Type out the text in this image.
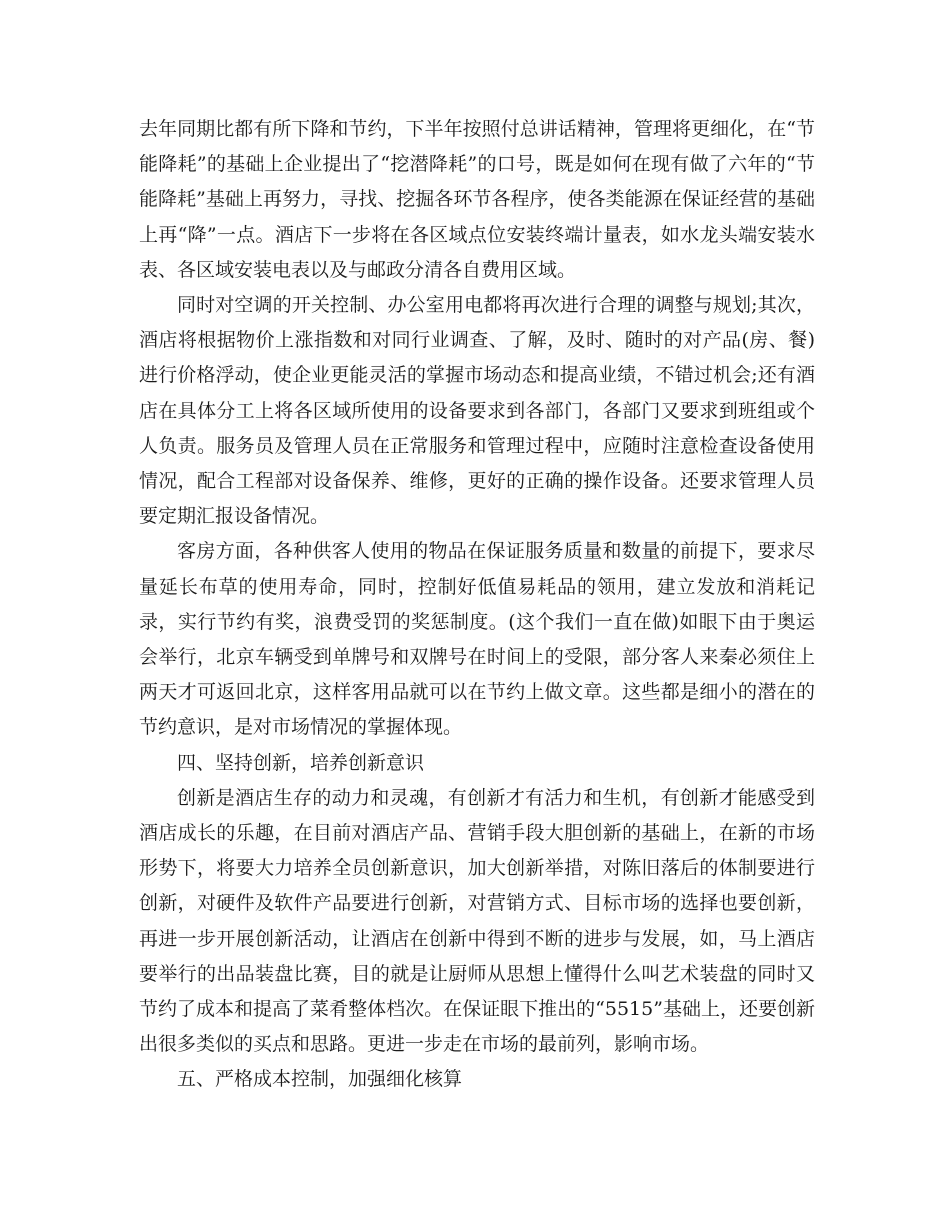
去年同期比都有所下降和节约，下半年按照付总讲话精神，管理将更细化，在“节能降耗”的基础上企业提出了“挖潜降耗”的口号，既是如何在现有做了六年的“节能降耗”基础上再努力，寻找、挖掘各环节各程序，使各类能源在保证经营的基础上再“降”一点。酒店下一步将在各区域点位安装终端计量表，如水龙头端安装水表、各区域安装电表以及与邮政分清各自费用区域。

同时对空调的开关控制、办公室用电都将再次进行合理的调整与规划;其次，酒店将根据物价上涨指数和对同行业调查、了解，及时、随时的对产品(房、餐)进行价格浮动，使企业更能灵活的掌握市场动态和提高业绩，不错过机会;还有酒店在具体分工上将各区域所使用的设备要求到各部门，各部门又要求到班组或个人负责。服务员及管理人员在正常服务和管理过程中，应随时注意检查设备使用情况，配合工程部对设备保养、维修，更好的正确的操作设备。还要求管理人员要定期汇报设备情况。

客房方面，各种供客人使用的物品在保证服务质量和数量的前提下，要求尽量延长布草的使用寿命，同时，控制好低值易耗品的领用，建立发放和消耗记录，实行节约有奖，浪费受罚的奖惩制度。(这个我们一直在做)如眼下由于奥运会举行，北京车辆受到单牌号和双牌号在时间上的受限，部分客人来秦必须住上两天才可返回北京，这样客用品就可以在节约上做文章。这些都是细小的潜在的节约意识，是对市场情况的掌握体现。

四、坚持创新，培养创新意识

创新是酒店生存的动力和灵魂，有创新才有活力和生机，有创新才能感受到酒店成长的乐趣，在目前对酒店产品、营销手段大胆创新的基础上，在新的市场形势下，将要大力培养全员创新意识，加大创新举措，对陈旧落后的体制要进行创新，对硬件及软件产品要进行创新，对营销方式、目标市场的选择也要创新，再进一步开展创新活动，让酒店在创新中得到不断的进步与发展，如，马上酒店要举行的出品装盘比赛，目的就是让厨师从思想上懂得什么叫艺术装盘的同时又节约了成本和提高了菜肴整体档次。在保证眼下推出的“5515”基础上，还要创新出很多类似的买点和思路。更进一步走在市场的最前列，影响市场。

五、严格成本控制，加强细化核算
